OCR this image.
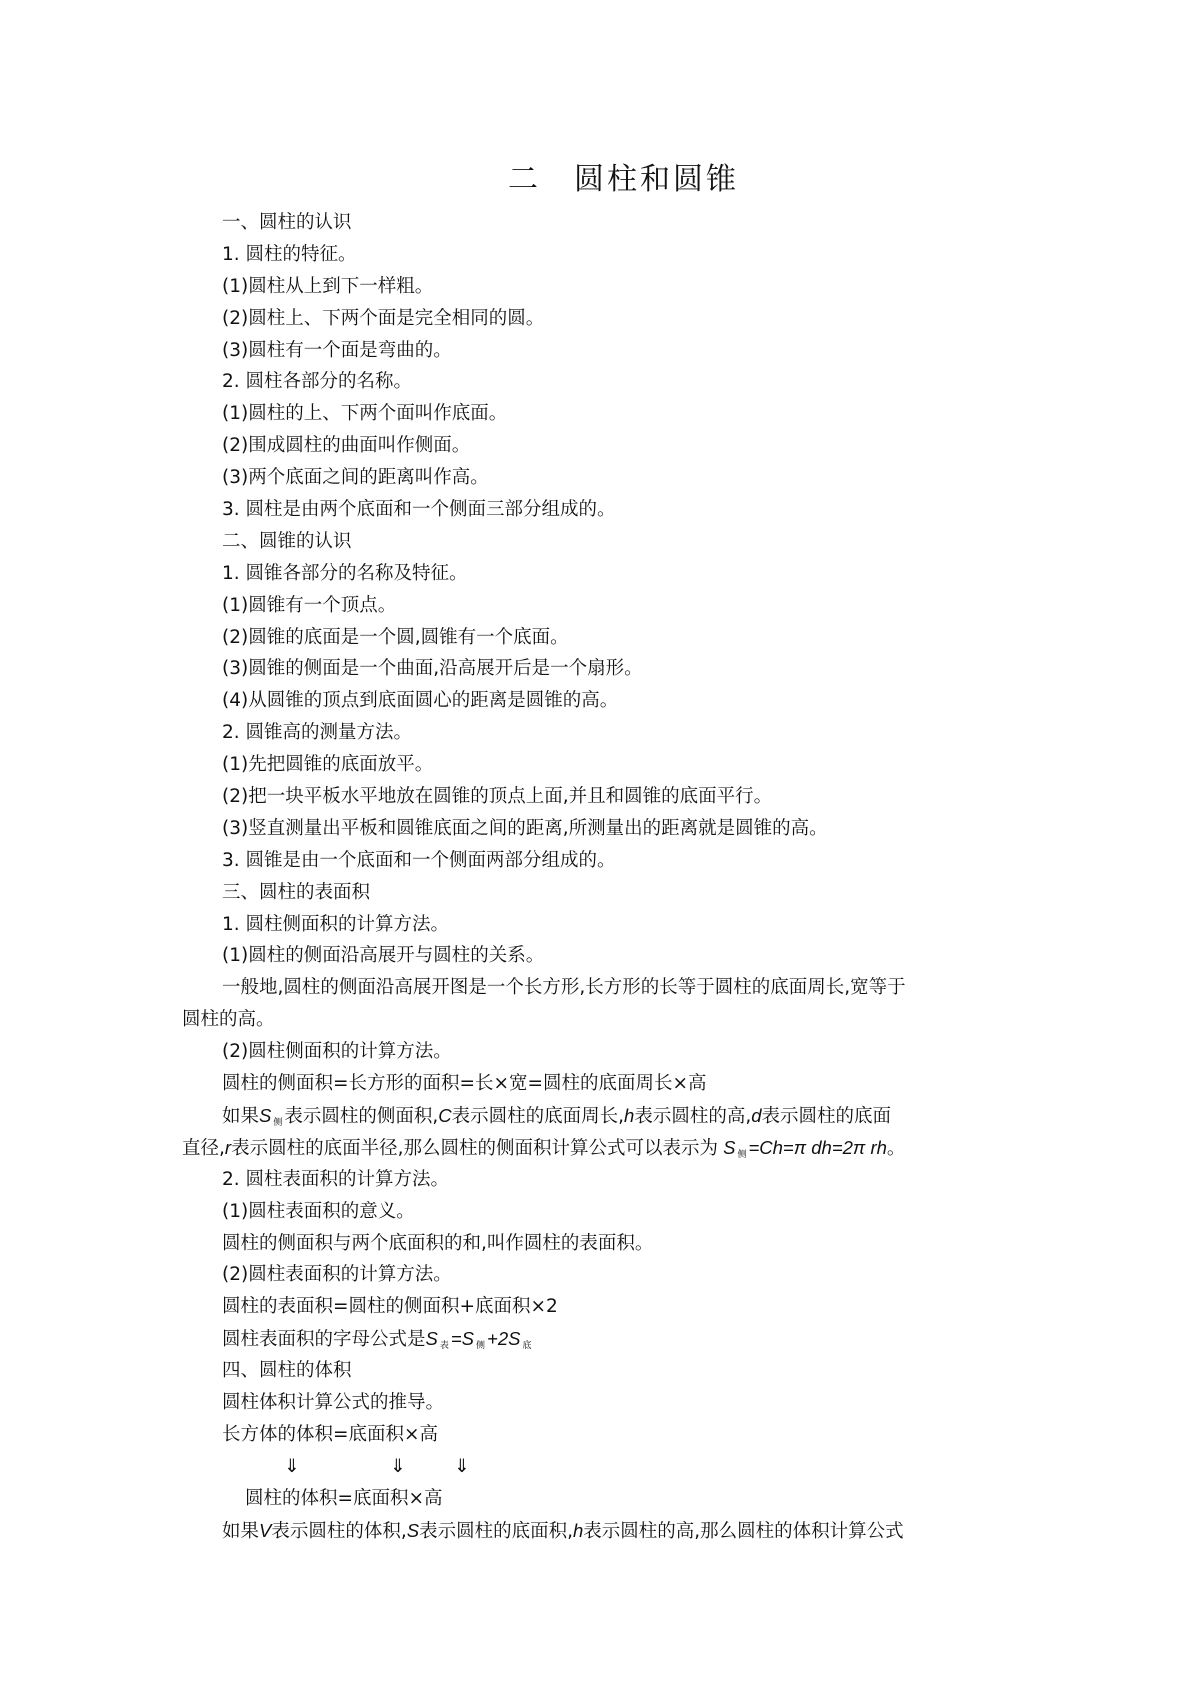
二　圆柱和圆锥
一、圆柱的认识
1. 圆柱的特征。
(1)圆柱从上到下一样粗。
(2)圆柱上、下两个面是完全相同的圆。
(3)圆柱有一个面是弯曲的。
2. 圆柱各部分的名称。
(1)圆柱的上、下两个面叫作底面。
(2)围成圆柱的曲面叫作侧面。
(3)两个底面之间的距离叫作高。
3. 圆柱是由两个底面和一个侧面三部分组成的。
二、圆锥的认识
1. 圆锥各部分的名称及特征。
(1)圆锥有一个顶点。
(2)圆锥的底面是一个圆,圆锥有一个底面。
(3)圆锥的侧面是一个曲面,沿高展开后是一个扇形。
(4)从圆锥的顶点到底面圆心的距离是圆锥的高。
2. 圆锥高的测量方法。
(1)先把圆锥的底面放平。
(2)把一块平板水平地放在圆锥的顶点上面,并且和圆锥的底面平行。
(3)竖直测量出平板和圆锥底面之间的距离,所测量出的距离就是圆锥的高。
3. 圆锥是由一个底面和一个侧面两部分组成的。
三、圆柱的表面积
1. 圆柱侧面积的计算方法。
(1)圆柱的侧面沿高展开与圆柱的关系。
一般地,圆柱的侧面沿高展开图是一个长方形,长方形的长等于圆柱的底面周长,宽等于
圆柱的高。
(2)圆柱侧面积的计算方法。
圆柱的侧面积=长方形的面积=长×宽=圆柱的底面周长×高
如果S $_侧$ 表示圆柱的侧面积,C表示圆柱的底面周长,h表示圆柱的高,d表示圆柱的底面
直径,r表示圆柱的底面半径,那么圆柱的侧面积计算公式可以表示为 S $_侧$ =Ch=π dh=2π rh。
2. 圆柱表面积的计算方法。
(1)圆柱表面积的意义。
圆柱的侧面积与两个底面积的和,叫作圆柱的表面积。
(2)圆柱表面积的计算方法。
圆柱的表面积=圆柱的侧面积+底面积×2
圆柱表面积的字母公式是S $_表$ =S $_侧$ +2S $_底$
四、圆柱的体积
圆柱体积计算公式的推导。
长方体的体积=底面积×高
⇓	⇓	⇓
圆柱的体积=底面积×高
如果V表示圆柱的体积,S表示圆柱的底面积,h表示圆柱的高,那么圆柱的体积计算公式
